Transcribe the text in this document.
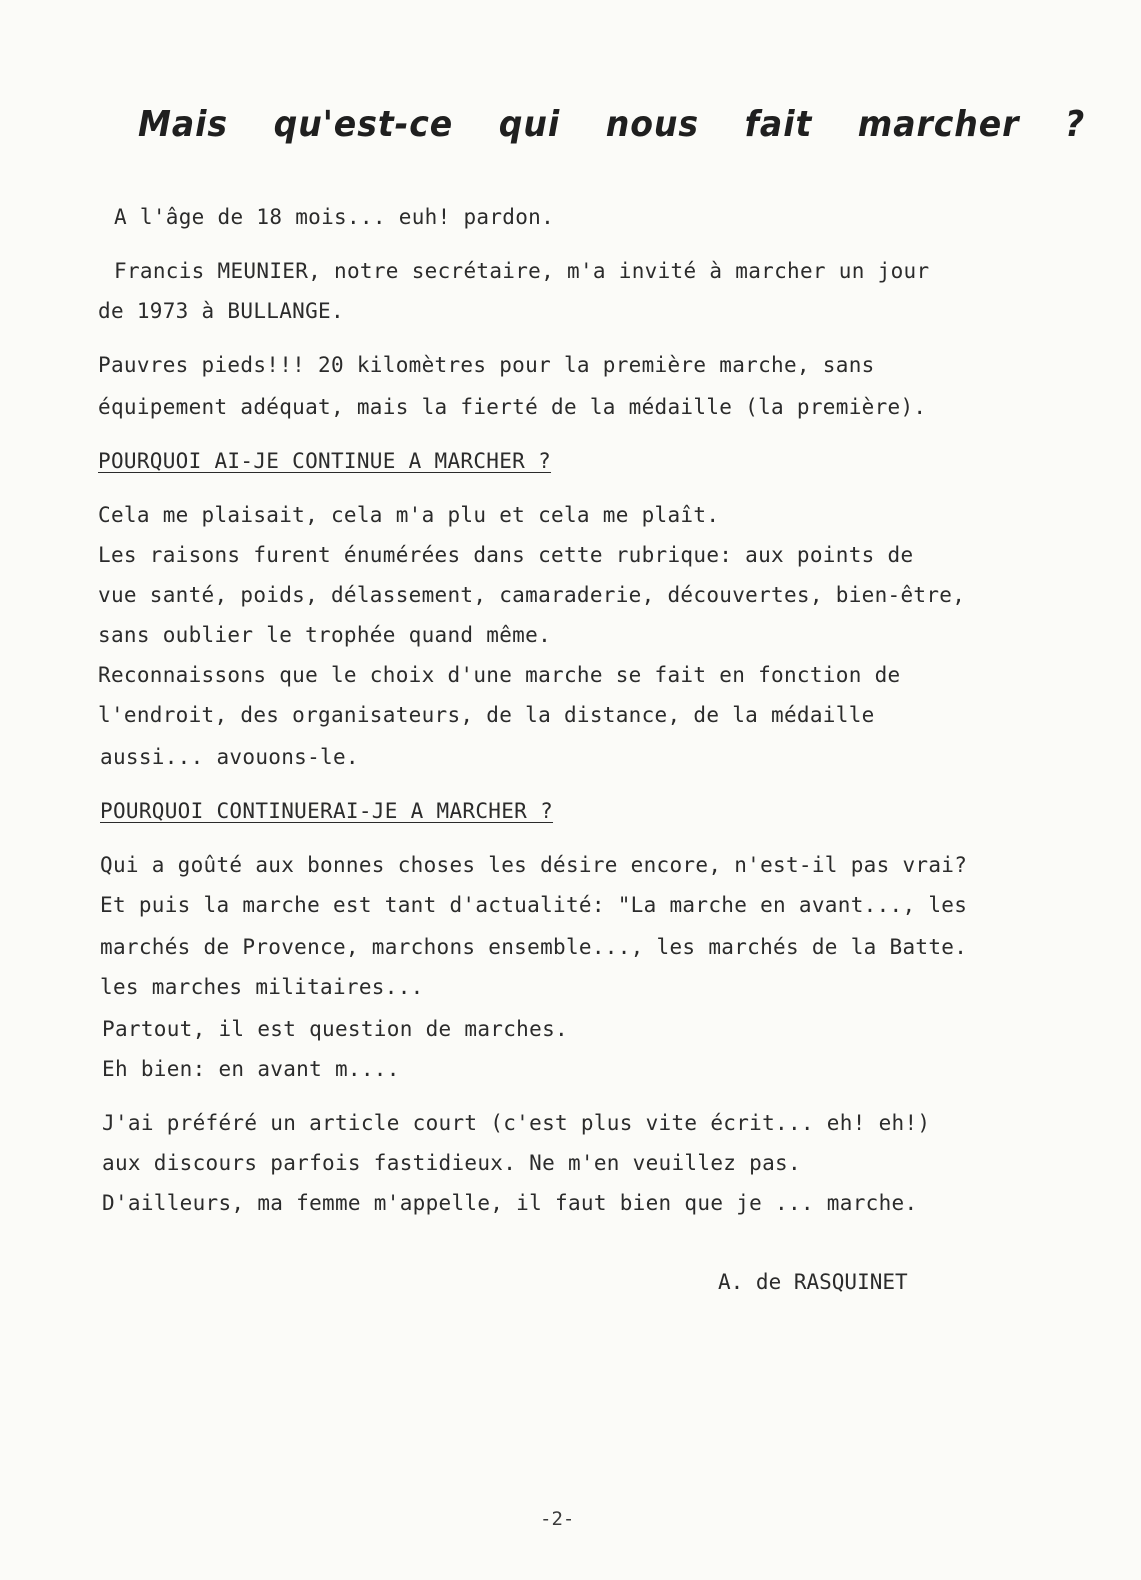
Mais qu'est-ce qui nous fait marcher ?

A l'âge de 18 mois... euh! pardon.

Francis MEUNIER, notre secrétaire, m'a invité à marcher un jour

de 1973 à BULLANGE.

Pauvres pieds!!! 20 kilomètres pour la première marche, sans

équipement adéquat, mais la fierté de la médaille (la première).

POURQUOI AI-JE CONTINUE A MARCHER ?

Cela me plaisait, cela m'a plu et cela me plaît.

Les raisons furent énumérées dans cette rubrique: aux points de

vue santé, poids, délassement, camaraderie, découvertes, bien-être,

sans oublier le trophée quand même.

Reconnaissons que le choix d'une marche se fait en fonction de

l'endroit, des organisateurs, de la distance, de la médaille

aussi... avouons-le.

POURQUOI CONTINUERAI-JE A MARCHER ?

Qui a goûté aux bonnes choses les désire encore, n'est-il pas vrai?

Et puis la marche est tant d'actualité: "La marche en avant..., les

marchés de Provence, marchons ensemble..., les marchés de la Batte.

les marches militaires...

Partout, il est question de marches.

Eh bien: en avant m....

J'ai préféré un article court (c'est plus vite écrit... eh! eh!)

aux discours parfois fastidieux. Ne m'en veuillez pas.

D'ailleurs, ma femme m'appelle, il faut bien que je ... marche.

A. de RASQUINET

-2-
